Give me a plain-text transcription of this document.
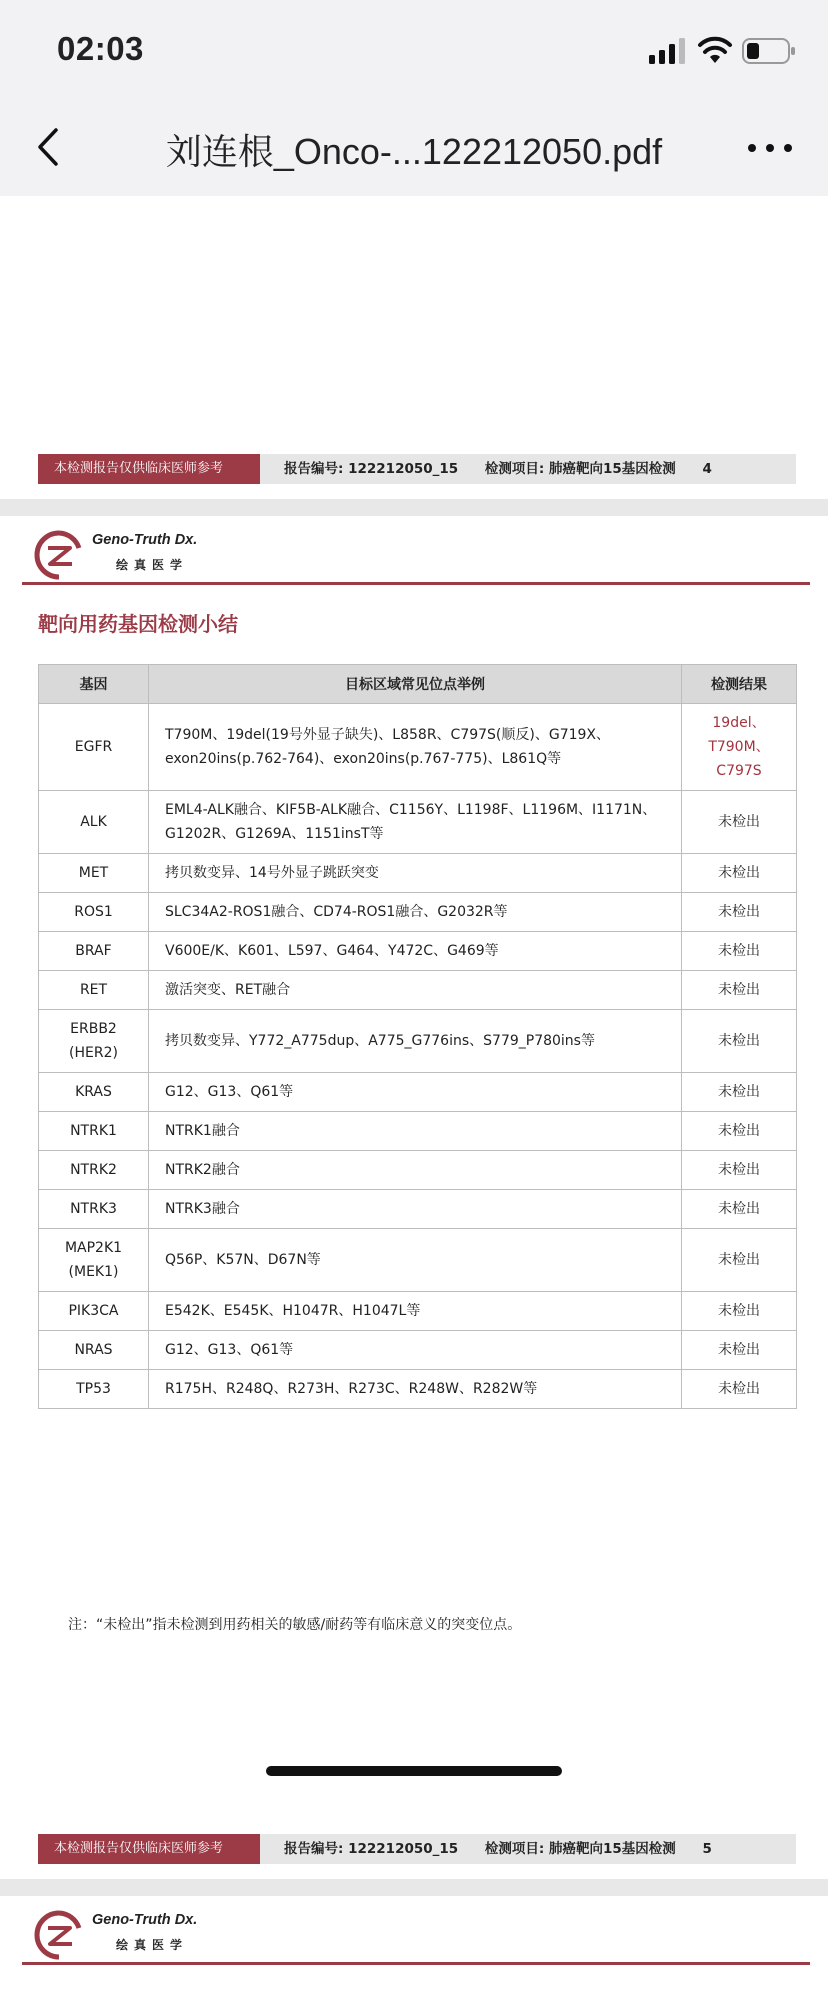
02:03
刘连根_Onco-...122212050.pdf
本检测报告仅供临床医师参考	报告编号: 122212050_15 检测项目: 肺癌靶向15基因检测 4
Geno-Truth Dx.
绘真医学
靶向用药基因检测小结
基因	目标区域常见位点举例	检测结果
EGFR	T790M、19del(19号外显子缺失)、L858R、C797S(顺反)、G719X、exon20ins(p.762-764)、exon20ins(p.767-775)、L861Q等	19del、T790M、C797S
ALK	EML4-ALK融合、KIF5B-ALK融合、C1156Y、L1198F、L1196M、I1171N、G1202R、G1269A、1151insT等	未检出
MET	拷贝数变异、14号外显子跳跃突变	未检出
ROS1	SLC34A2-ROS1融合、CD74-ROS1融合、G2032R等	未检出
BRAF	V600E/K、K601、L597、G464、Y472C、G469等	未检出
RET	激活突变、RET融合	未检出
ERBB2 (HER2)	拷贝数变异、Y772_A775dup、A775_G776ins、S779_P780ins等	未检出
KRAS	G12、G13、Q61等	未检出
NTRK1	NTRK1融合	未检出
NTRK2	NTRK2融合	未检出
NTRK3	NTRK3融合	未检出
MAP2K1 (MEK1)	Q56P、K57N、D67N等	未检出
PIK3CA	E542K、E545K、H1047R、H1047L等	未检出
NRAS	G12、G13、Q61等	未检出
TP53	R175H、R248Q、R273H、R273C、R248W、R282W等	未检出
注：“未检出”指未检测到用药相关的敏感/耐药等有临床意义的突变位点。
本检测报告仅供临床医师参考	报告编号: 122212050_15 检测项目: 肺癌靶向15基因检测 5
Geno-Truth Dx.
绘真医学
